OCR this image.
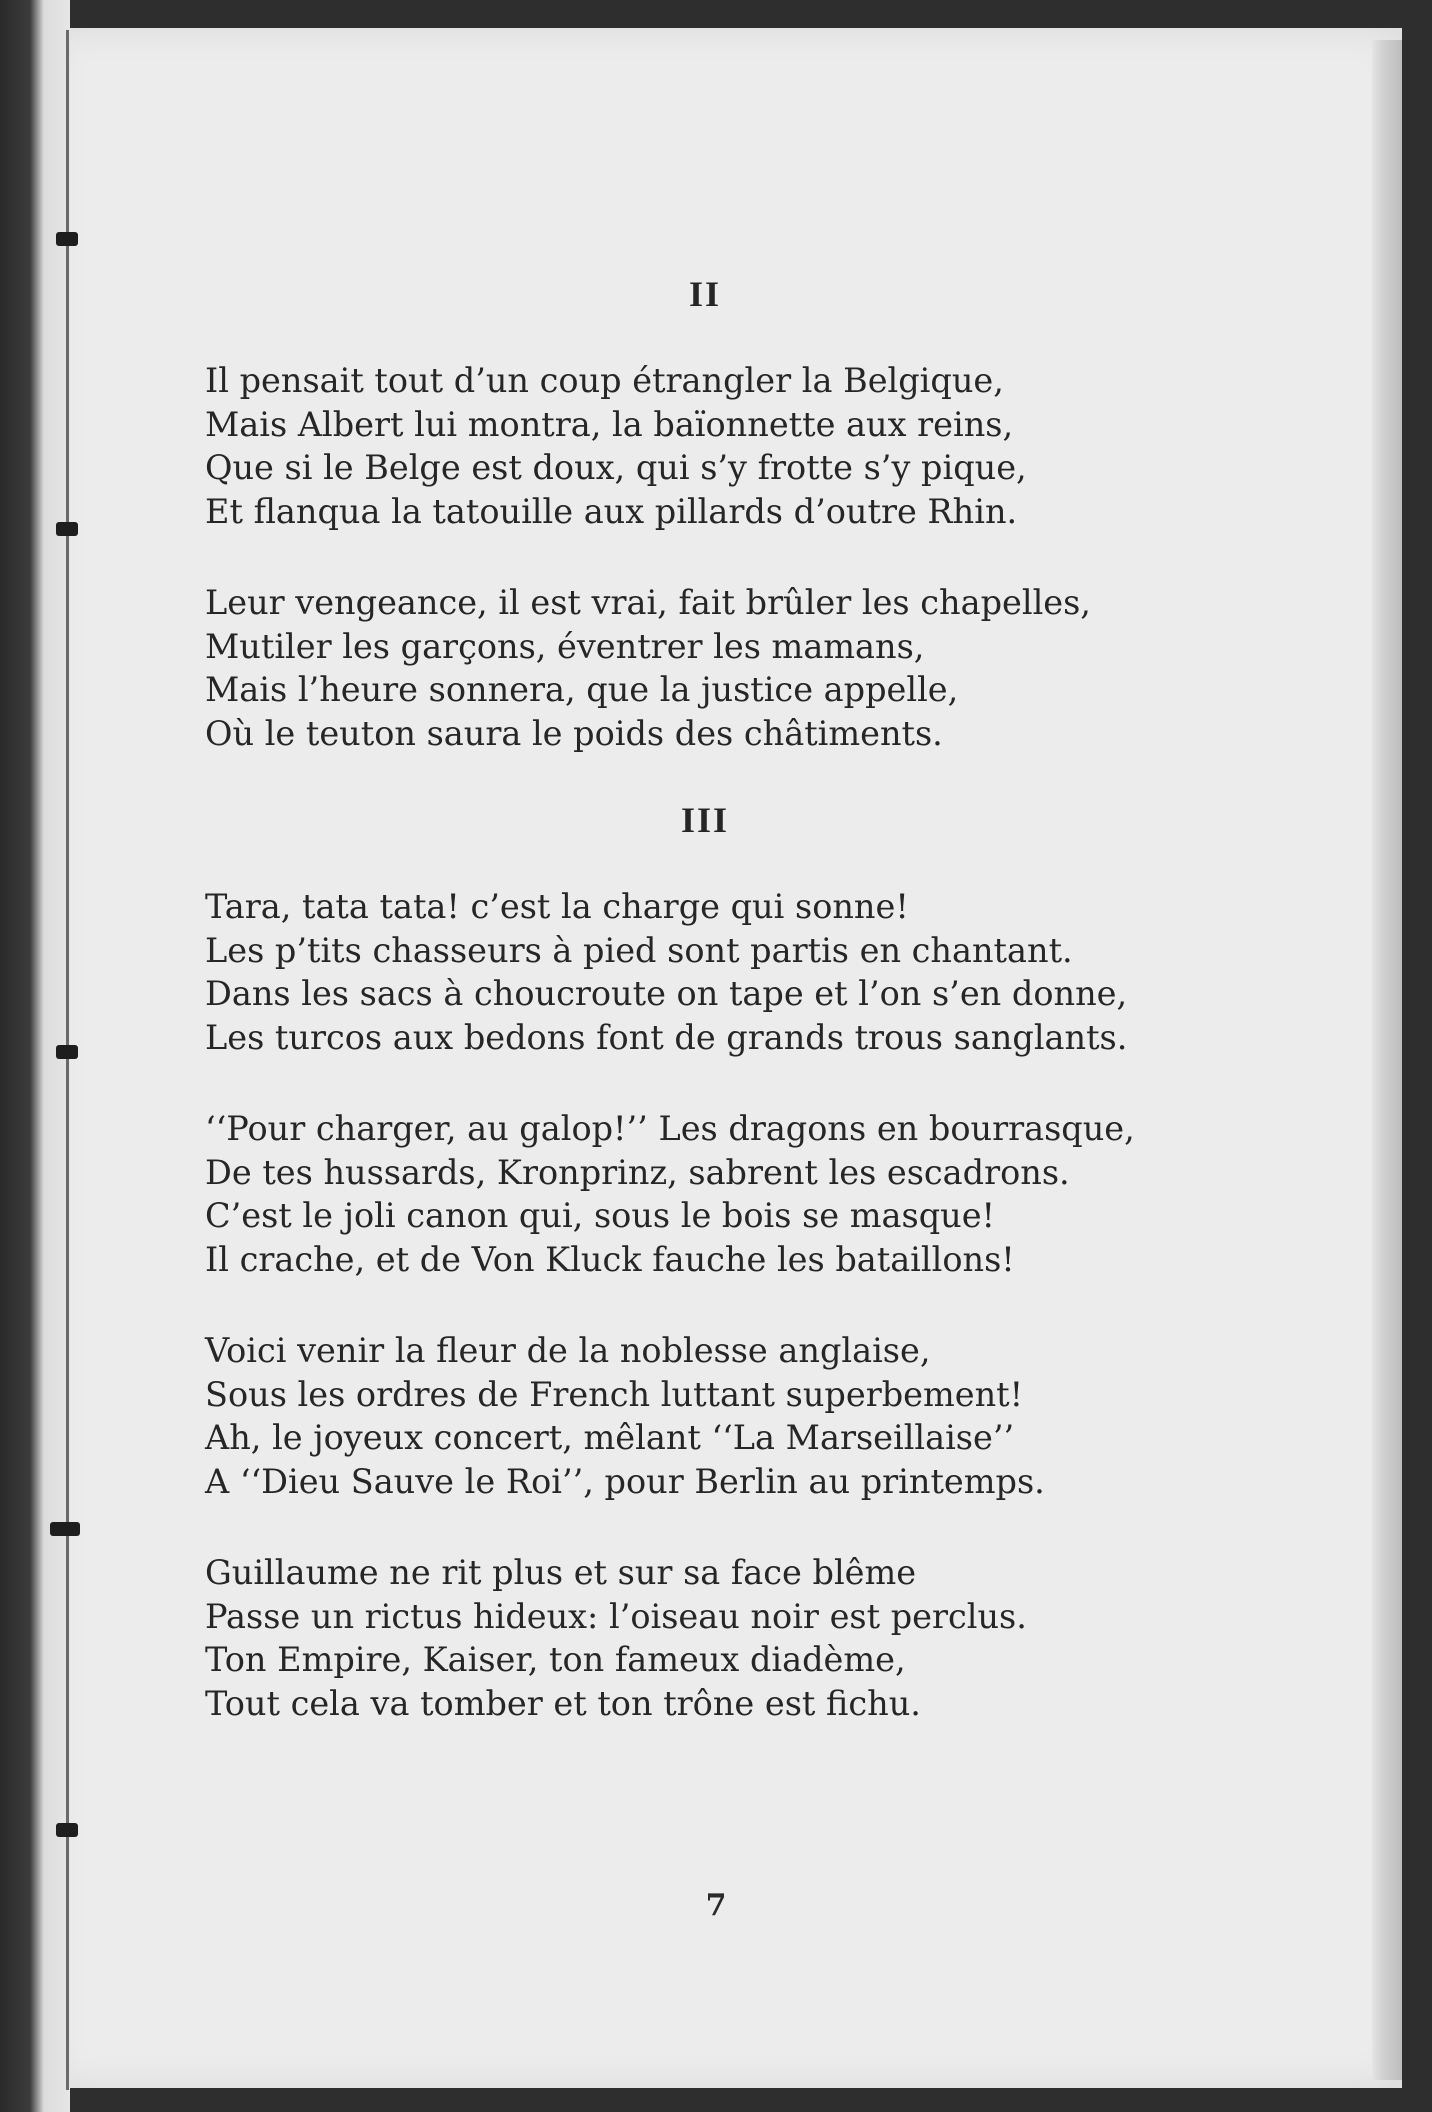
II
Il pensait tout d’un coup étrangler la Belgique,
Mais Albert lui montra, la baïonnette aux reins,
Que si le Belge est doux, qui s’y frotte s’y pique,
Et flanqua la tatouille aux pillards d’outre Rhin.
Leur vengeance, il est vrai, fait brûler les chapelles,
Mutiler les garçons, éventrer les mamans,
Mais l’heure sonnera, que la justice appelle,
Où le teuton saura le poids des châtiments.
III
Tara, tata tata! c’est la charge qui sonne!
Les p’tits chasseurs à pied sont partis en chantant.
Dans les sacs à choucroute on tape et l’on s’en donne,
Les turcos aux bedons font de grands trous sanglants.
‘‘Pour charger, au galop!’’ Les dragons en bourrasque,
De tes hussards, Kronprinz, sabrent les escadrons.
C’est le joli canon qui, sous le bois se masque!
Il crache, et de Von Kluck fauche les bataillons!
Voici venir la fleur de la noblesse anglaise,
Sous les ordres de French luttant superbement!
Ah, le joyeux concert, mêlant ‘‘La Marseillaise’’
A ‘‘Dieu Sauve le Roi’’, pour Berlin au printemps.
Guillaume ne rit plus et sur sa face blême
Passe un rictus hideux: l’oiseau noir est perclus.
Ton Empire, Kaiser, ton fameux diadème,
Tout cela va tomber et ton trône est fichu.
7
